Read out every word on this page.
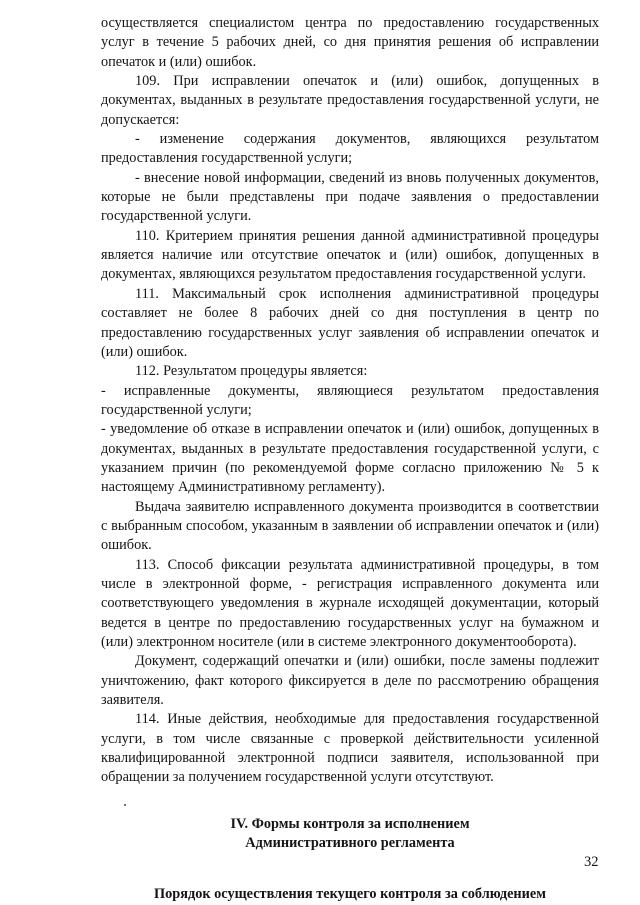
осуществляется специалистом центра по предоставлению государственных услуг в течение 5 рабочих дней, со дня принятия решения об исправлении опечаток и (или) ошибок.

109. При исправлении опечаток и (или) ошибок, допущенных в документах, выданных в результате предоставления государственной услуги, не допускается:

- изменение содержания документов, являющихся результатом предоставления государственной услуги;

- внесение новой информации, сведений из вновь полученных документов, которые не были представлены при подаче заявления о предоставлении государственной услуги.

110. Критерием принятия решения данной административной процедуры является наличие или отсутствие опечаток и (или) ошибок, допущенных в документах, являющихся результатом предоставления государственной услуги.

111. Максимальный срок исполнения административной процедуры составляет не более 8 рабочих дней со дня поступления в центр по предоставлению государственных услуг заявления об исправлении опечаток и (или) ошибок.

112. Результатом процедуры является:

- исправленные документы, являющиеся результатом предоставления государственной услуги;

- уведомление об отказе в исправлении опечаток и (или) ошибок, допущенных в документах, выданных в результате предоставления государственной услуги, с указанием причин (по рекомендуемой форме согласно приложению № 5 к настоящему Административному регламенту).

Выдача заявителю исправленного документа производится в соответствии с выбранным способом, указанным в заявлении об исправлении опечаток и (или) ошибок.

113. Способ фиксации результата административной процедуры, в том числе в электронной форме, - регистрация исправленного документа или соответствующего уведомления в журнале исходящей документации, который ведется в центре по предоставлению государственных услуг на бумажном и (или) электронном носителе (или в системе электронного документооборота).

Документ, содержащий опечатки и (или) ошибки, после замены подлежит уничтожению, факт которого фиксируется в деле по рассмотрению обращения заявителя.

114. Иные действия, необходимые для предоставления государственной услуги, в том числе связанные с проверкой действительности усиленной квалифицированной электронной подписи заявителя, использованной при обращении за получением государственной услуги отсутствуют.

IV. Формы контроля за исполнением

Административного регламента

Порядок осуществления текущего контроля за соблюдением

32
